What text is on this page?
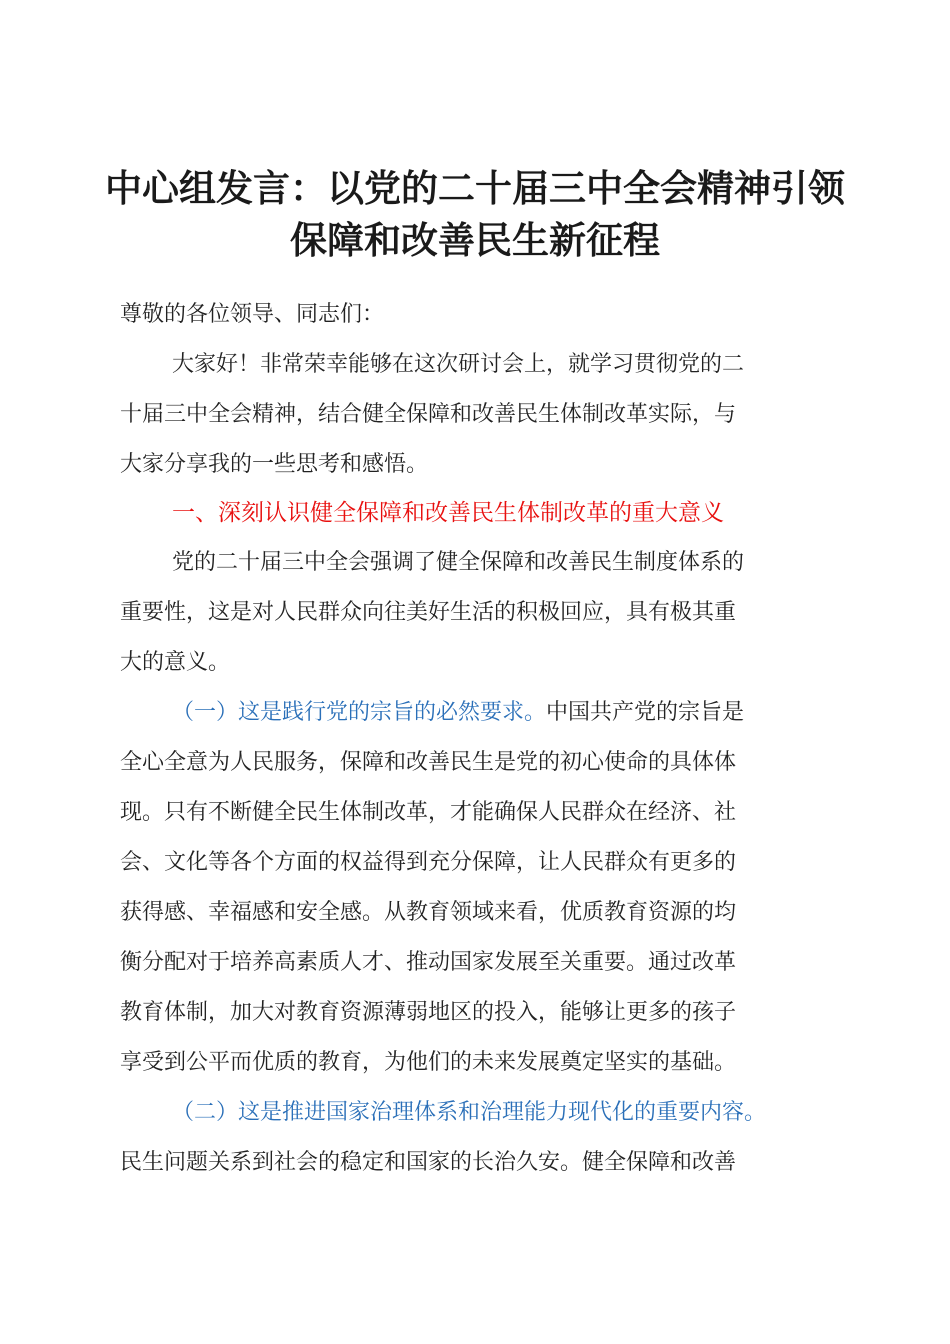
中心组发言：以党的二十届三中全会精神引领
保障和改善民生新征程
尊敬的各位领导、同志们：
大家好！非常荣幸能够在这次研讨会上，就学习贯彻党的二
十届三中全会精神，结合健全保障和改善民生体制改革实际，与
大家分享我的一些思考和感悟。
一、深刻认识健全保障和改善民生体制改革的重大意义
党的二十届三中全会强调了健全保障和改善民生制度体系的
重要性，这是对人民群众向往美好生活的积极回应，具有极其重
大的意义。
（一）这是践行党的宗旨的必然要求。中国共产党的宗旨是
全心全意为人民服务，保障和改善民生是党的初心使命的具体体
现。只有不断健全民生体制改革，才能确保人民群众在经济、社
会、文化等各个方面的权益得到充分保障，让人民群众有更多的
获得感、幸福感和安全感。从教育领域来看，优质教育资源的均
衡分配对于培养高素质人才、推动国家发展至关重要。通过改革
教育体制，加大对教育资源薄弱地区的投入，能够让更多的孩子
享受到公平而优质的教育，为他们的未来发展奠定坚实的基础。
（二）这是推进国家治理体系和治理能力现代化的重要内容。
民生问题关系到社会的稳定和国家的长治久安。健全保障和改善
